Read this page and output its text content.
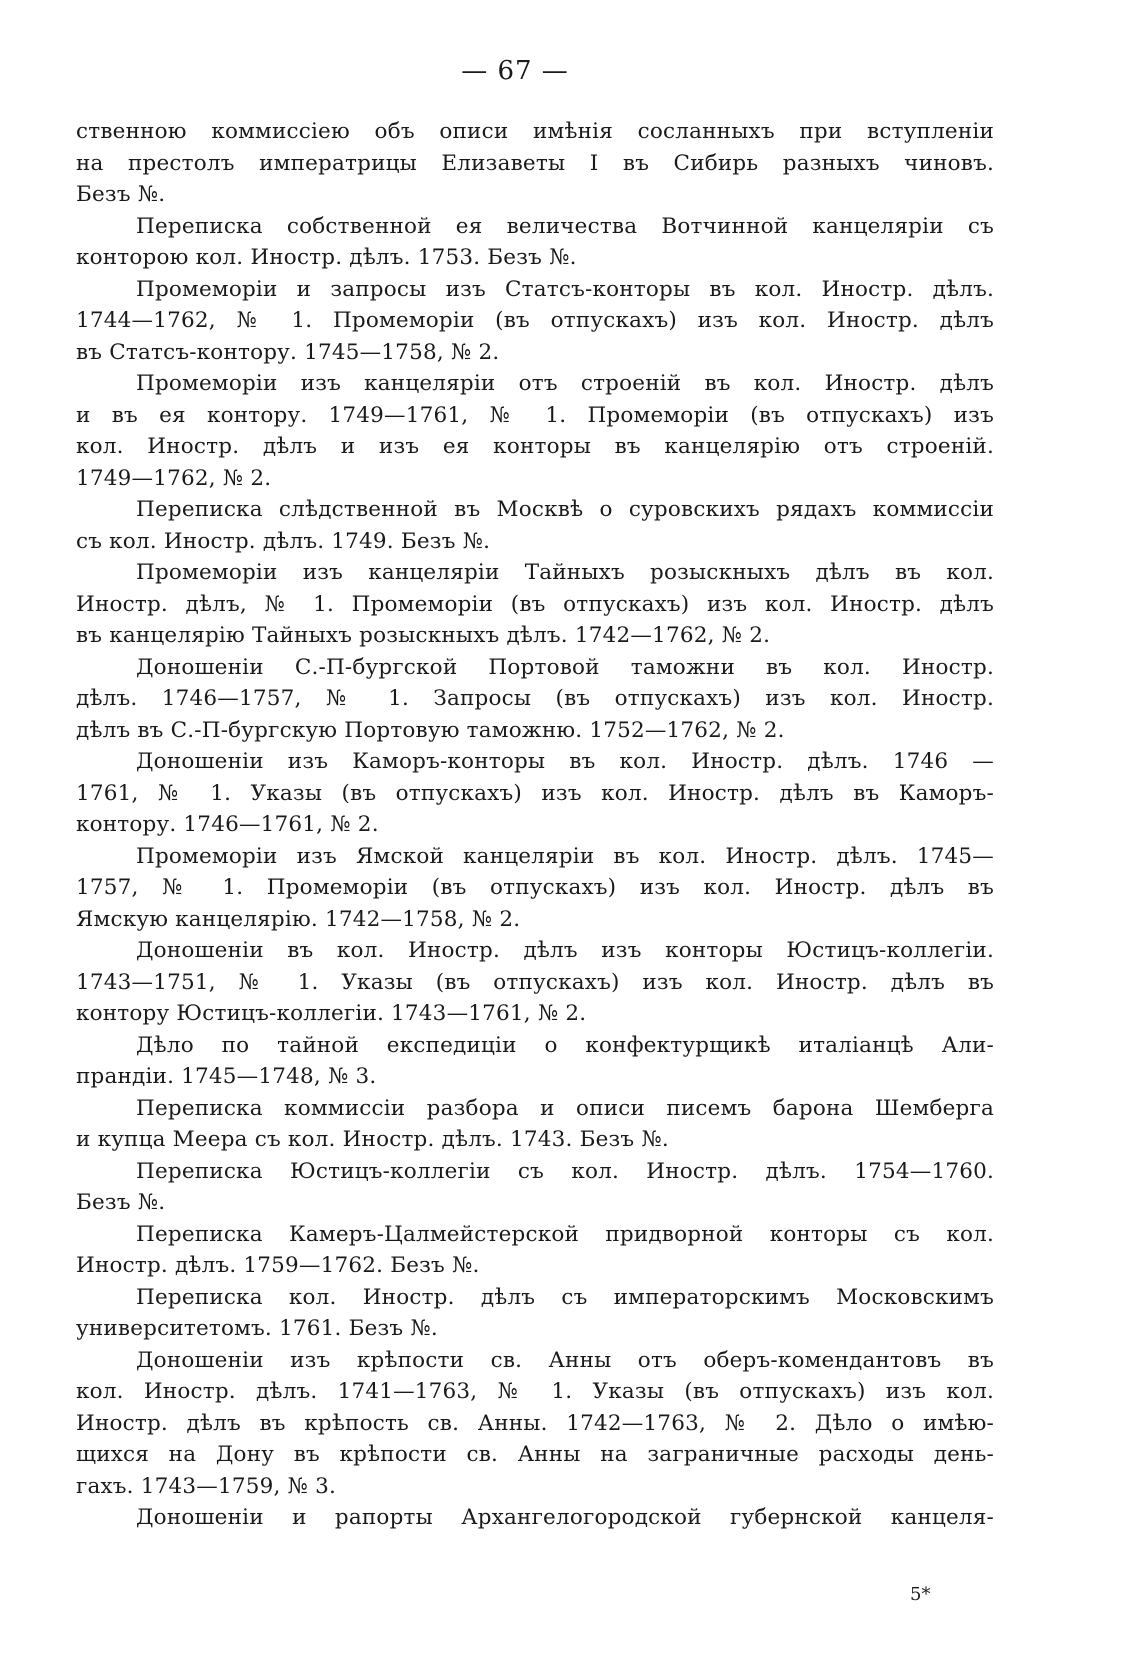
— 67 —
ственною коммиссіею объ описи имѣнія сосланныхъ при вступленіи
на престолъ императрицы Елизаветы I въ Сибирь разныхъ чиновъ.
Безъ №.
Переписка собственной ея величества Вотчинной канцеляріи съ
конторою кол. Иностр. дѣлъ. 1753. Безъ №.
Промеморіи и запросы изъ Статсъ-конторы въ кол. Иностр. дѣлъ.
1744—1762, № 1. Промеморіи (въ отпускахъ) изъ кол. Иностр. дѣлъ
въ Статсъ-контору. 1745—1758, № 2.
Промеморіи изъ канцеляріи отъ строеній въ кол. Иностр. дѣлъ
и въ ея контору. 1749—1761, № 1. Промеморіи (въ отпускахъ) изъ
кол. Иностр. дѣлъ и изъ ея конторы въ канцелярію отъ строеній.
1749—1762, № 2.
Переписка слѣдственной въ Москвѣ о суровскихъ рядахъ коммиссіи
съ кол. Иностр. дѣлъ. 1749. Безъ №.
Промеморіи изъ канцеляріи Тайныхъ розыскныхъ дѣлъ въ кол.
Иностр. дѣлъ, № 1. Промеморіи (въ отпускахъ) изъ кол. Иностр. дѣлъ
въ канцелярію Тайныхъ розыскныхъ дѣлъ. 1742—1762, № 2.
Доношеніи С.-П-бургской Портовой таможни въ кол. Иностр.
дѣлъ. 1746—1757, № 1. Запросы (въ отпускахъ) изъ кол. Иностр.
дѣлъ въ С.-П-бургскую Портовую таможню. 1752—1762, № 2.
Доношеніи изъ Каморъ-конторы въ кол. Иностр. дѣлъ. 1746 —
1761, № 1. Указы (въ отпускахъ) изъ кол. Иностр. дѣлъ въ Каморъ-
контору. 1746—1761, № 2.
Промеморіи изъ Ямской канцеляріи въ кол. Иностр. дѣлъ. 1745—
1757, № 1. Промеморіи (въ отпускахъ) изъ кол. Иностр. дѣлъ въ
Ямскую канцелярію. 1742—1758, № 2.
Доношеніи въ кол. Иностр. дѣлъ изъ конторы Юстицъ-коллегіи.
1743—1751, № 1. Указы (въ отпускахъ) изъ кол. Иностр. дѣлъ въ
контору Юстицъ-коллегіи. 1743—1761, № 2.
Дѣло по тайной експедиціи о конфектурщикѣ италіанцѣ Али-
прандіи. 1745—1748, № 3.
Переписка коммиссіи разбора и описи писемъ барона Шемберга
и купца Меера съ кол. Иностр. дѣлъ. 1743. Безъ №.
Переписка Юстицъ-коллегіи съ кол. Иностр. дѣлъ. 1754—1760.
Безъ №.
Переписка Камеръ-Цалмейстерской придворной конторы съ кол.
Иностр. дѣлъ. 1759—1762. Безъ №.
Переписка кол. Иностр. дѣлъ съ императорскимъ Московскимъ
университетомъ. 1761. Безъ №.
Доношеніи изъ крѣпости св. Анны отъ оберъ-комендантовъ въ
кол. Иностр. дѣлъ. 1741—1763, № 1. Указы (въ отпускахъ) изъ кол.
Иностр. дѣлъ въ крѣпость св. Анны. 1742—1763, № 2. Дѣло о имѣю-
щихся на Дону въ крѣпости св. Анны на заграничные расходы день-
гахъ. 1743—1759, № 3.
Доношеніи и рапорты Архангелогородской губернской канцеля-
5*
